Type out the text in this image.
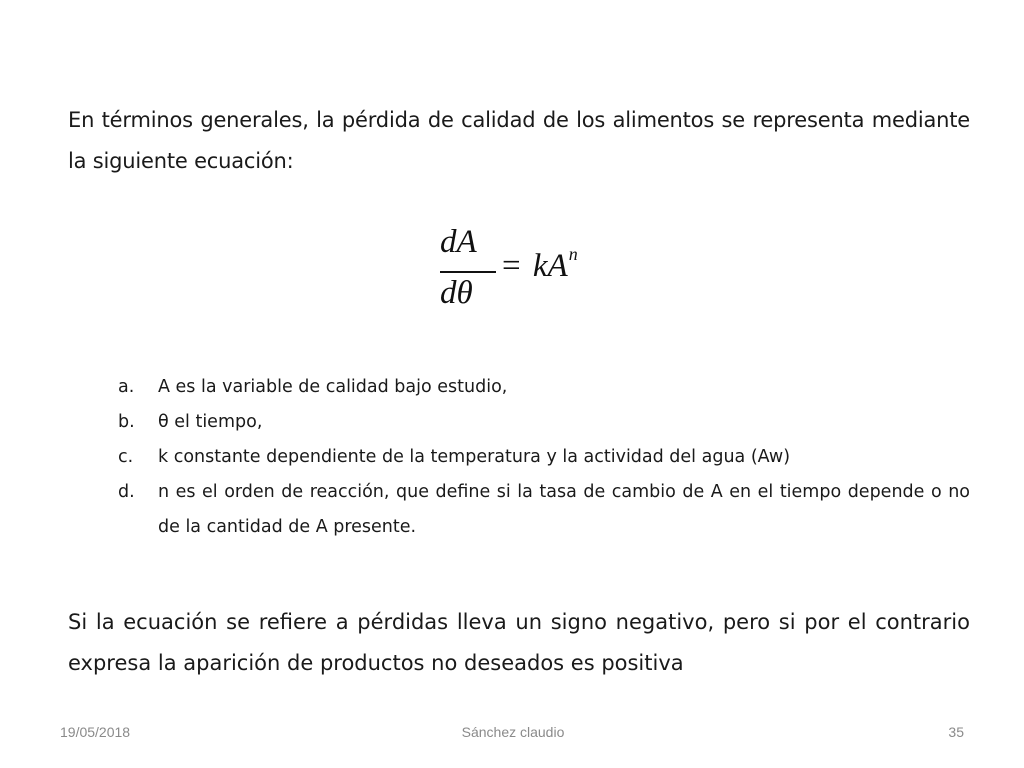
En términos generales, la pérdida de calidad de los alimentos se representa mediante la siguiente ecuación:

dA
dθ
= $kA^n$
a. A es la variable de calidad bajo estudio,
b. θ el tiempo,
c. k constante dependiente de la temperatura y la actividad del agua (Aw)
d. n es el orden de reacción, que define si la tasa de cambio de A en el tiempo depende o no de la cantidad de A presente.

Si la ecuación se refiere a pérdidas lleva un signo negativo, pero si por el contrario expresa la aparición de productos no deseados es positiva

19/05/2018	Sánchez claudio	35
